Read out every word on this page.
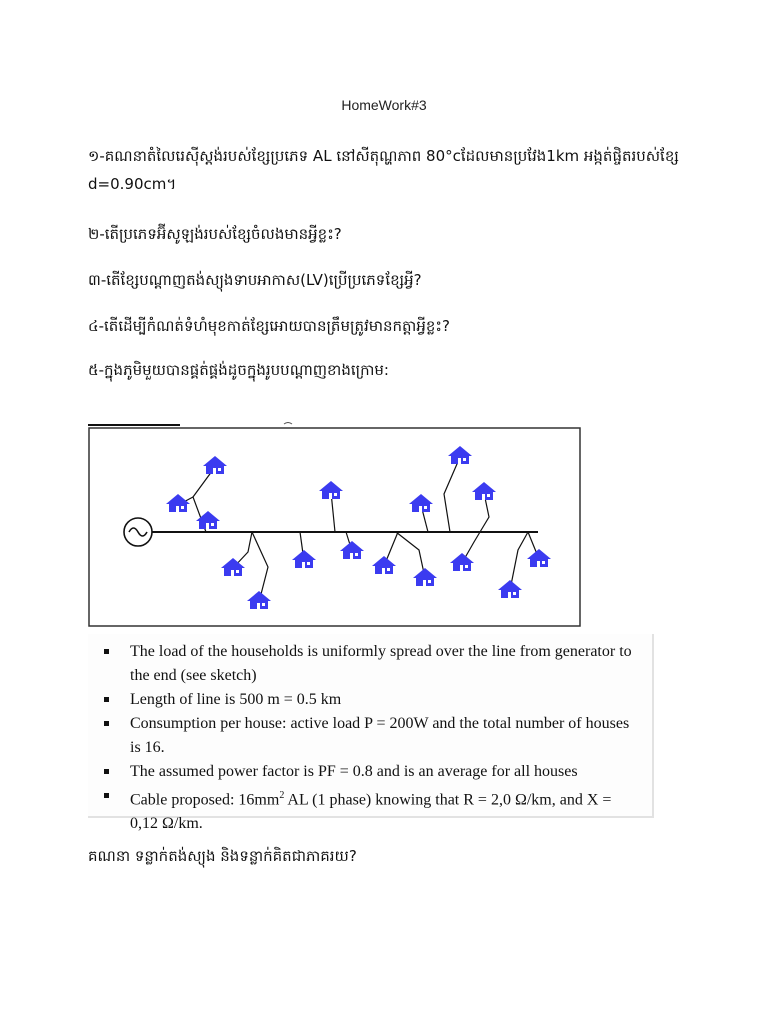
HomeWork#3
១-គណនាតំលៃរេស៊ីស្តង់របស់ខ្សែប្រភេទ AL នៅសីតុណ្ហភាព 80°cដែលមានប្រវែង1km អង្កត់ផ្ចិតរបស់ខ្សែ d=0.90cm។
២-តើប្រភេទអ៊ីសូឡង់របស់ខ្សែចំលងមានអ្វីខ្លះ?
៣-តើខ្សែបណ្តាញតង់ស្យុងទាបអាកាស(LV)ប្រើប្រភេទខ្សែអ្វី?
៤-តើដើម្បីកំណត់ទំហំមុខកាត់ខ្សែអោយបានត្រឹមត្រូវមានកត្តាអ្វីខ្លះ?
៥-ក្នុងភូមិមួយបានផ្គត់ផ្គង់ដូចក្នុងរូបបណ្តាញខាងក្រោម:
The load of the households is uniformly spread over the line from generator to the end (see sketch)
Length of line is 500 m = 0.5 km
Consumption per house: active load P = 200W and the total number of houses is 16.
The assumed power factor is PF = 0.8 and is an average for all houses
Cable proposed: $16mm^2$ AL (1 phase) knowing that R = 2,0 Ω/km, and X = 0,12 Ω/km.
គណនា ទន្លាក់តង់ស្យុង និងទន្លាក់គិតជាភាគរយ?
